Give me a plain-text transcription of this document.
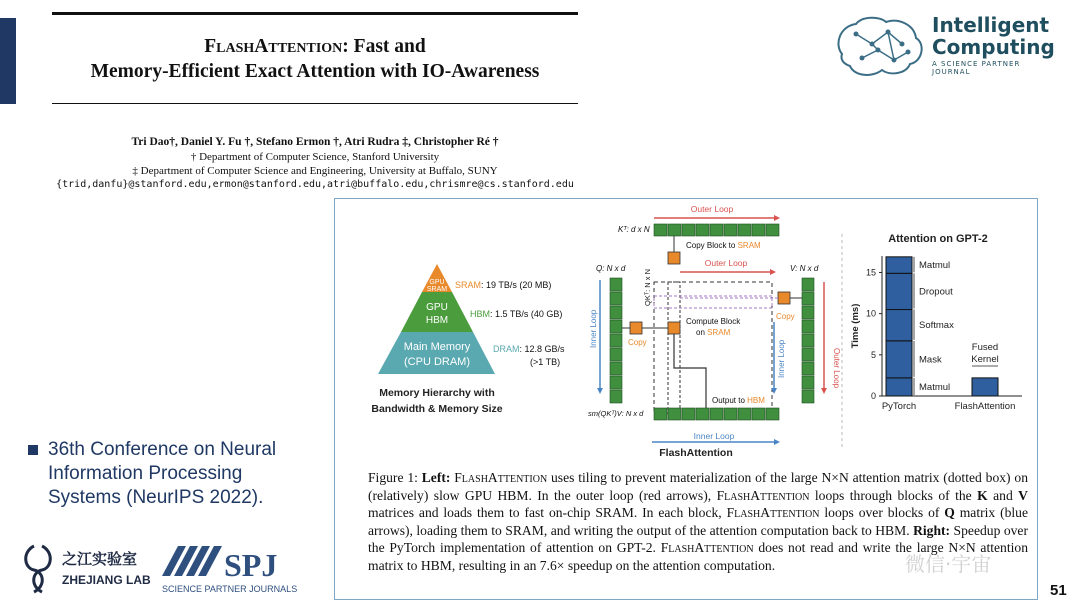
FlashAttention: Fast and
Memory-Efficient Exact Attention with IO-Awareness
Tri Dao†, Daniel Y. Fu †, Stefano Ermon †, Atri Rudra ‡, Christopher Ré †
† Department of Computer Science, Stanford University
‡ Department of Computer Science and Engineering, University at Buffalo, SUNY
{trid,danfu}@stanford.edu,ermon@stanford.edu,atri@buffalo.edu,chrismre@cs.stanford.edu
Intelligent
Computing
A SCIENCE PARTNER JOURNAL
36th Conference on Neural Information Processing Systems (NeurIPS 2022).
之江实验室
ZHEJIANG LAB SPJ
SCIENCE PARTNER JOURNALS
GPU
SRAM
GPU
HBM
Main Memory
(CPU DRAM)
SRAM: 19 TB/s (20 MB)
HBM: 1.5 TB/s (40 GB)
DRAM: 12.8 GB/s
(>1 TB)
Memory Hierarchy with
Bandwidth & Memory Size
Outer Loop
Kᵀ: d x N
Copy Block to SRAM
Outer Loop
Q: N x d	V: N x d
QKᵀ: N x N
Inner Loop	Copy
Compute Block
on SRAM
Copy
Inner Loop	Outer Loop
Output to HBM
sm(QKᵀ)V: N x d
Inner Loop
FlashAttention
Attention on GPT-2
Time (ms)
0
5
10
15
Matmul
Mask
Softmax
Dropout
Matmul
PyTorch	FlashAttention
Fused
Kernel
Figure 1: Left: FlashAttention uses tiling to prevent materialization of the large N×N attention matrix (dotted box) on (relatively) slow GPU HBM. In the outer loop (red arrows), FlashAttention loops through blocks of the K and V matrices and loads them to fast on-chip SRAM. In each block, FlashAttention loops over blocks of Q matrix (blue arrows), loading them to SRAM, and writing the output of the attention computation back to HBM. Right: Speedup over the PyTorch implementation of attention on GPT-2. FlashAttention does not read and write the large N×N attention matrix to HBM, resulting in an 7.6× speedup on the attention computation.	微信·宇宙
51
